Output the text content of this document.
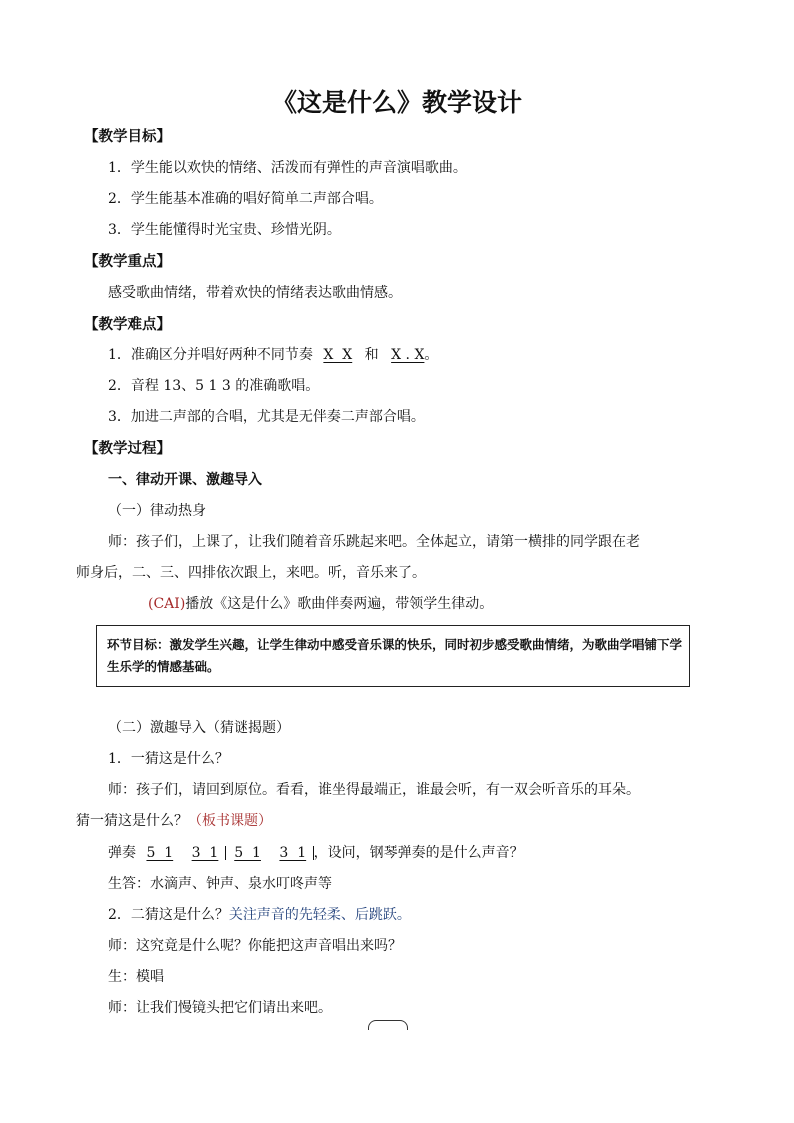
《这是什么》教学设计
【教学目标】
1．学生能以欢快的情绪、活泼而有弹性的声音演唱歌曲。
2．学生能基本准确的唱好简单二声部合唱。
3．学生能懂得时光宝贵、珍惜光阴。
【教学重点】
感受歌曲情绪，带着欢快的情绪表达歌曲情感。
【教学难点】
1．准确区分并唱好两种不同节奏 X  X 和 X . X。
2．音程 13、5 1 3 的准确歌唱。
3．加进二声部的合唱，尤其是无伴奏二声部合唱。
【教学过程】
一、律动开课、激趣导入
（一）律动热身
师：孩子们，上课了，让我们随着音乐跳起来吧。全体起立，请第一横排的同学跟在老
师身后，二、三、四排依次跟上，来吧。听，音乐来了。
(CAI)播放《这是什么》歌曲伴奏两遍，带领学生律动。
环节目标：激发学生兴趣，让学生律动中感受音乐课的快乐，同时初步感受歌曲情绪，为歌曲学唱铺下学生乐学的情感基础。
（二）激趣导入（猜谜揭题）
1．一猜这是什么？
师：孩子们，请回到原位。看看，谁坐得最端正，谁最会听，有一双会听音乐的耳朵。
猜一猜这是什么？（板书课题）
弹奏 5  1 3  1 5  1 3  1 ，设问，钢琴弹奏的是什么声音？
生答：水滴声、钟声、泉水叮咚声等
2．二猜这是什么？关注声音的先轻柔、后跳跃。
师：这究竟是什么呢？你能把这声音唱出来吗？
生：模唱
师：让我们慢镜头把它们请出来吧。
